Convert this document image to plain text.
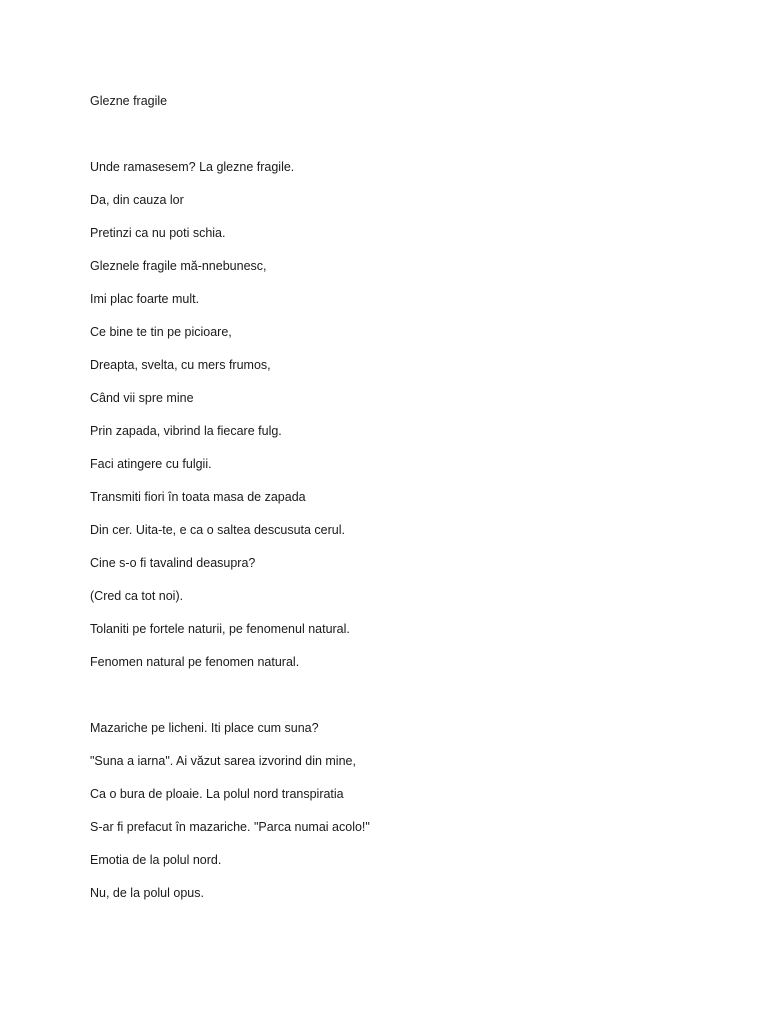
Glezne fragile
Unde ramasesem? La glezne fragile.
Da, din cauza lor
Pretinzi ca nu poti schia.
Gleznele fragile mă-nnebunesc,
Imi plac foarte mult.
Ce bine te tin pe picioare,
Dreapta, svelta, cu mers frumos,
Când vii spre mine
Prin zapada, vibrind la fiecare fulg.
Faci atingere cu fulgii.
Transmiti fiori în toata masa de zapada
Din cer. Uita-te, e ca o saltea descusuta cerul.
Cine s-o fi tavalind deasupra?
(Cred ca tot noi).
Tolaniti pe fortele naturii, pe fenomenul natural.
Fenomen natural pe fenomen natural.
Mazariche pe licheni. Iti place cum suna?
"Suna a iarna". Ai văzut sarea izvorind din mine,
Ca o bura de ploaie. La polul nord transpiratia
S-ar fi prefacut în mazariche. "Parca numai acolo!"
Emotia de la polul nord.
Nu, de la polul opus.
